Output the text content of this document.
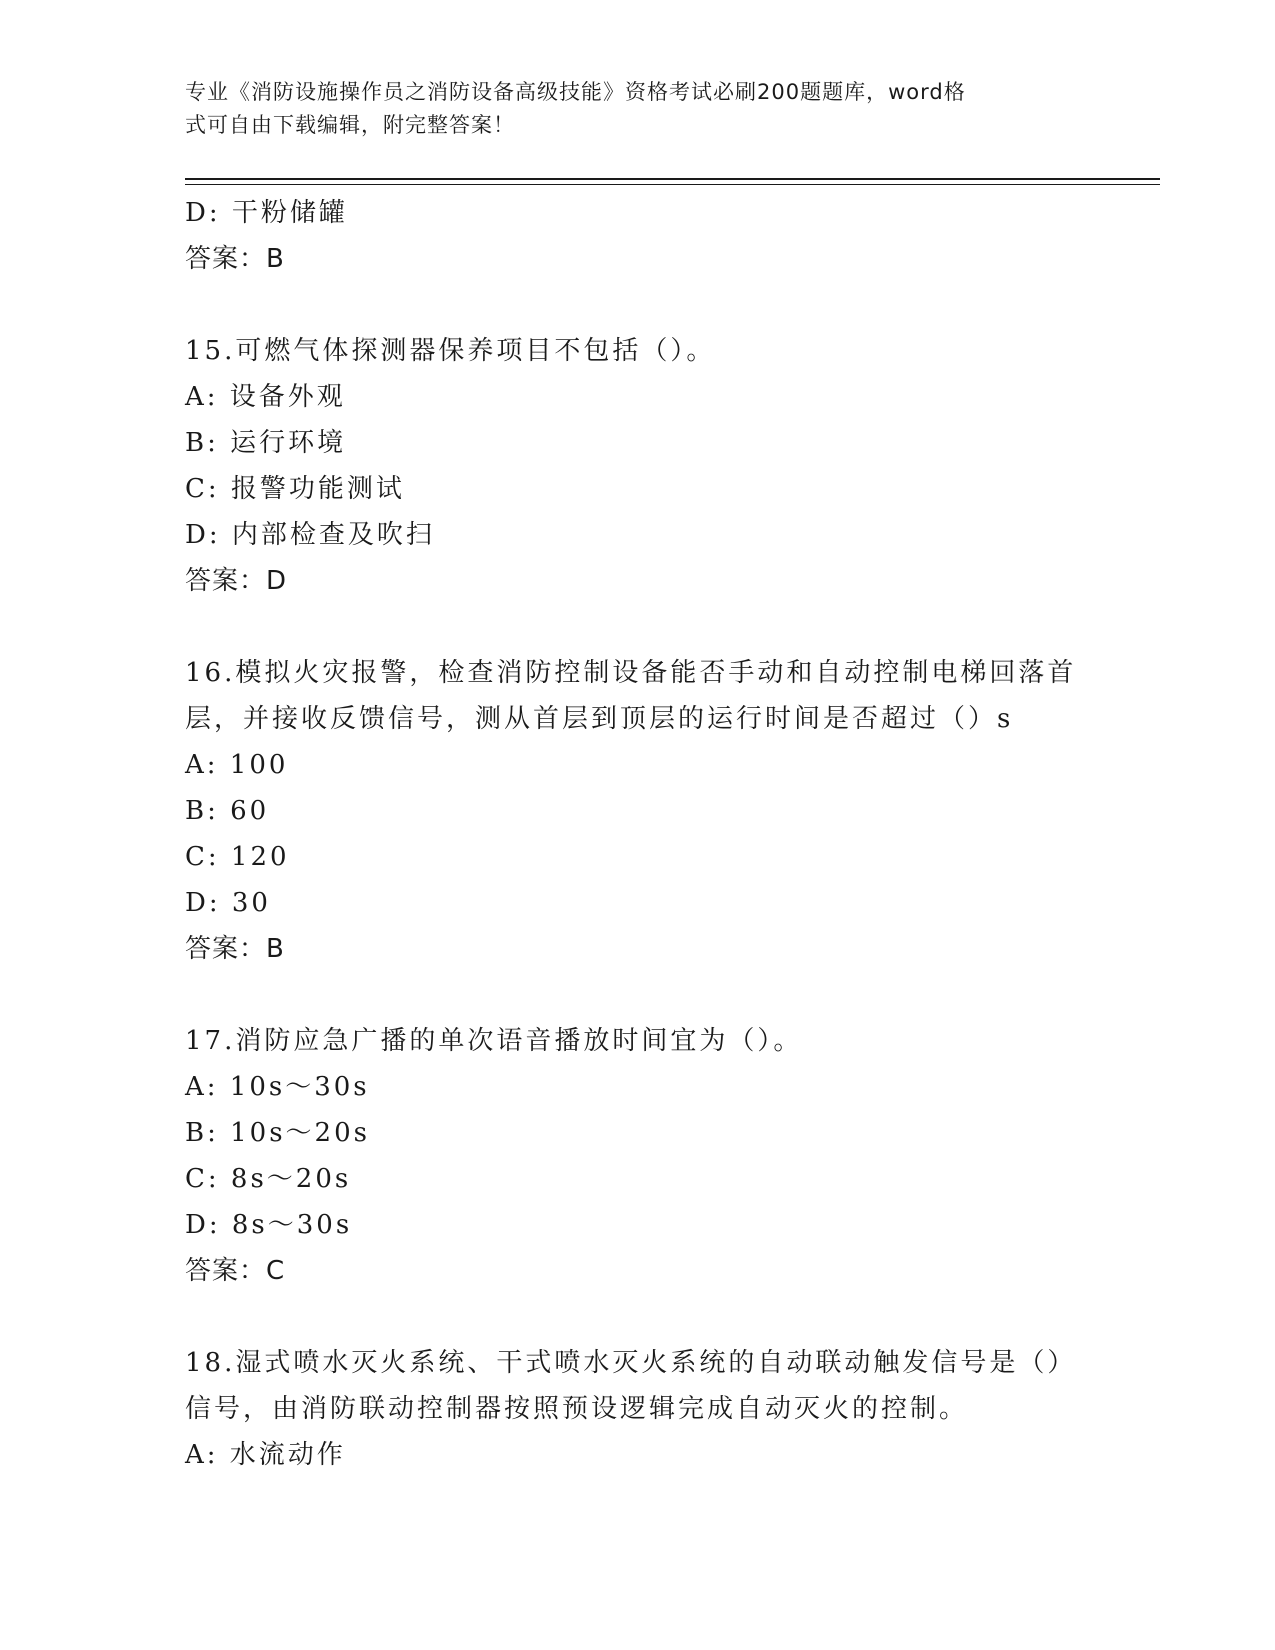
专业《消防设施操作员之消防设备高级技能》资格考试必刷200题题库，word格
式可自由下载编辑，附完整答案！
D: 干粉储罐
答案：B
15.可燃气体探测器保养项目不包括（）。
A: 设备外观
B: 运行环境
C: 报警功能测试
D: 内部检查及吹扫
答案：D
16.模拟火灾报警，检查消防控制设备能否手动和自动控制电梯回落首
层，并接收反馈信号，测从首层到顶层的运行时间是否超过（）s
A: 100
B: 60
C: 120
D: 30
答案：B
17.消防应急广播的单次语音播放时间宜为（）。
A: 10s～30s
B: 10s～20s
C: 8s～20s
D: 8s～30s
答案：C
18.湿式喷水灭火系统、干式喷水灭火系统的自动联动触发信号是（）
信号，由消防联动控制器按照预设逻辑完成自动灭火的控制。
A: 水流动作
